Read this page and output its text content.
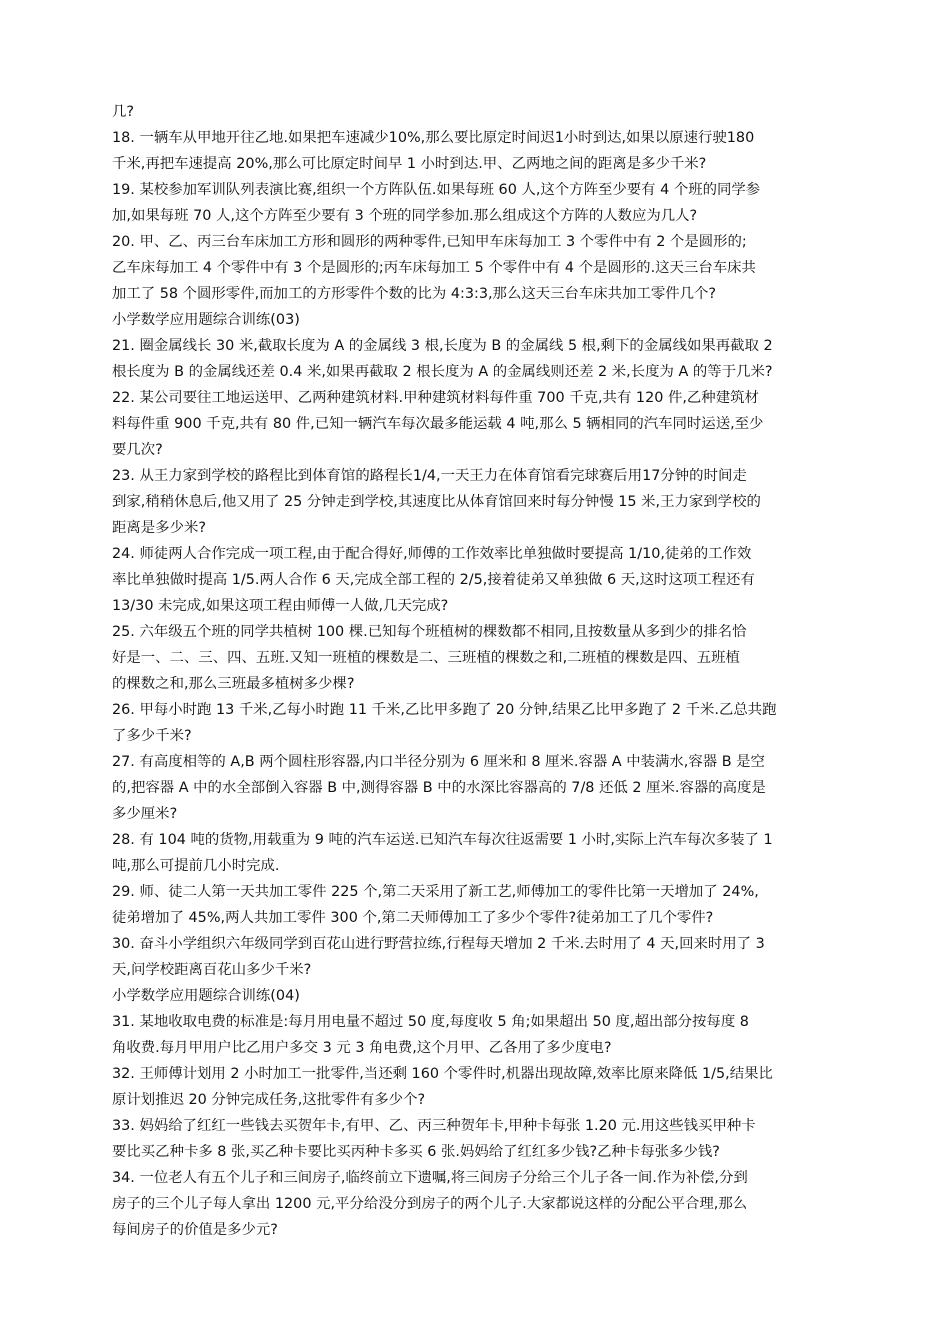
几?
18. 一辆车从甲地开往乙地.如果把车速减少10%,那么要比原定时间迟1小时到达,如果以原速行驶180
千米,再把车速提高 20%,那么可比原定时间早 1 小时到达.甲、乙两地之间的距离是多少千米?
19. 某校参加军训队列表演比赛,组织一个方阵队伍.如果每班 60 人,这个方阵至少要有 4 个班的同学参
加,如果每班 70 人,这个方阵至少要有 3 个班的同学参加.那么组成这个方阵的人数应为几人?
20. 甲、乙、丙三台车床加工方形和圆形的两种零件,已知甲车床每加工 3 个零件中有 2 个是圆形的;
乙车床每加工 4 个零件中有 3 个是圆形的;丙车床每加工 5 个零件中有 4 个是圆形的.这天三台车床共
加工了 58 个圆形零件,而加工的方形零件个数的比为 4:3:3,那么这天三台车床共加工零件几个?
小学数学应用题综合训练(03)
21. 圈金属线长 30 米,截取长度为 A 的金属线 3 根,长度为 B 的金属线 5 根,剩下的金属线如果再截取 2
根长度为 B 的金属线还差 0.4 米,如果再截取 2 根长度为 A 的金属线则还差 2 米,长度为 A 的等于几米?
22. 某公司要往工地运送甲、乙两种建筑材料.甲种建筑材料每件重 700 千克,共有 120 件,乙种建筑材
料每件重 900 千克,共有 80 件,已知一辆汽车每次最多能运载 4 吨,那么 5 辆相同的汽车同时运送,至少
要几次?
23. 从王力家到学校的路程比到体育馆的路程长1/4,一天王力在体育馆看完球赛后用17分钟的时间走
到家,稍稍休息后,他又用了 25 分钟走到学校,其速度比从体育馆回来时每分钟慢 15 米,王力家到学校的
距离是多少米?
24. 师徒两人合作完成一项工程,由于配合得好,师傅的工作效率比单独做时要提高 1/10,徒弟的工作效
率比单独做时提高 1/5.两人合作 6 天,完成全部工程的 2/5,接着徒弟又单独做 6 天,这时这项工程还有
13/30 未完成,如果这项工程由师傅一人做,几天完成?
25. 六年级五个班的同学共植树 100 棵.已知每个班植树的棵数都不相同,且按数量从多到少的排名恰
好是一、二、三、四、五班.又知一班植的棵数是二、三班植的棵数之和,二班植的棵数是四、五班植
的棵数之和,那么三班最多植树多少棵?
26. 甲每小时跑 13 千米,乙每小时跑 11 千米,乙比甲多跑了 20 分钟,结果乙比甲多跑了 2 千米.乙总共跑
了多少千米?
27. 有高度相等的 A,B 两个圆柱形容器,内口半径分别为 6 厘米和 8 厘米.容器 A 中装满水,容器 B 是空
的,把容器 A 中的水全部倒入容器 B 中,测得容器 B 中的水深比容器高的 7/8 还低 2 厘米.容器的高度是
多少厘米?
28. 有 104 吨的货物,用载重为 9 吨的汽车运送.已知汽车每次往返需要 1 小时,实际上汽车每次多装了 1
吨,那么可提前几小时完成.
29. 师、徒二人第一天共加工零件 225 个,第二天采用了新工艺,师傅加工的零件比第一天增加了 24%,
徒弟增加了 45%,两人共加工零件 300 个,第二天师傅加工了多少个零件?徒弟加工了几个零件?
30. 奋斗小学组织六年级同学到百花山进行野营拉练,行程每天增加 2 千米.去时用了 4 天,回来时用了 3
天,问学校距离百花山多少千米?
小学数学应用题综合训练(04)
31. 某地收取电费的标准是:每月用电量不超过 50 度,每度收 5 角;如果超出 50 度,超出部分按每度 8
角收费.每月甲用户比乙用户多交 3 元 3 角电费,这个月甲、乙各用了多少度电?
32. 王师傅计划用 2 小时加工一批零件,当还剩 160 个零件时,机器出现故障,效率比原来降低 1/5,结果比
原计划推迟 20 分钟完成任务,这批零件有多少个?
33. 妈妈给了红红一些钱去买贺年卡,有甲、乙、丙三种贺年卡,甲种卡每张 1.20 元.用这些钱买甲种卡
要比买乙种卡多 8 张,买乙种卡要比买丙种卡多买 6 张.妈妈给了红红多少钱?乙种卡每张多少钱?
34. 一位老人有五个儿子和三间房子,临终前立下遗嘱,将三间房子分给三个儿子各一间.作为补偿,分到
房子的三个儿子每人拿出 1200 元,平分给没分到房子的两个儿子.大家都说这样的分配公平合理,那么
每间房子的价值是多少元?
